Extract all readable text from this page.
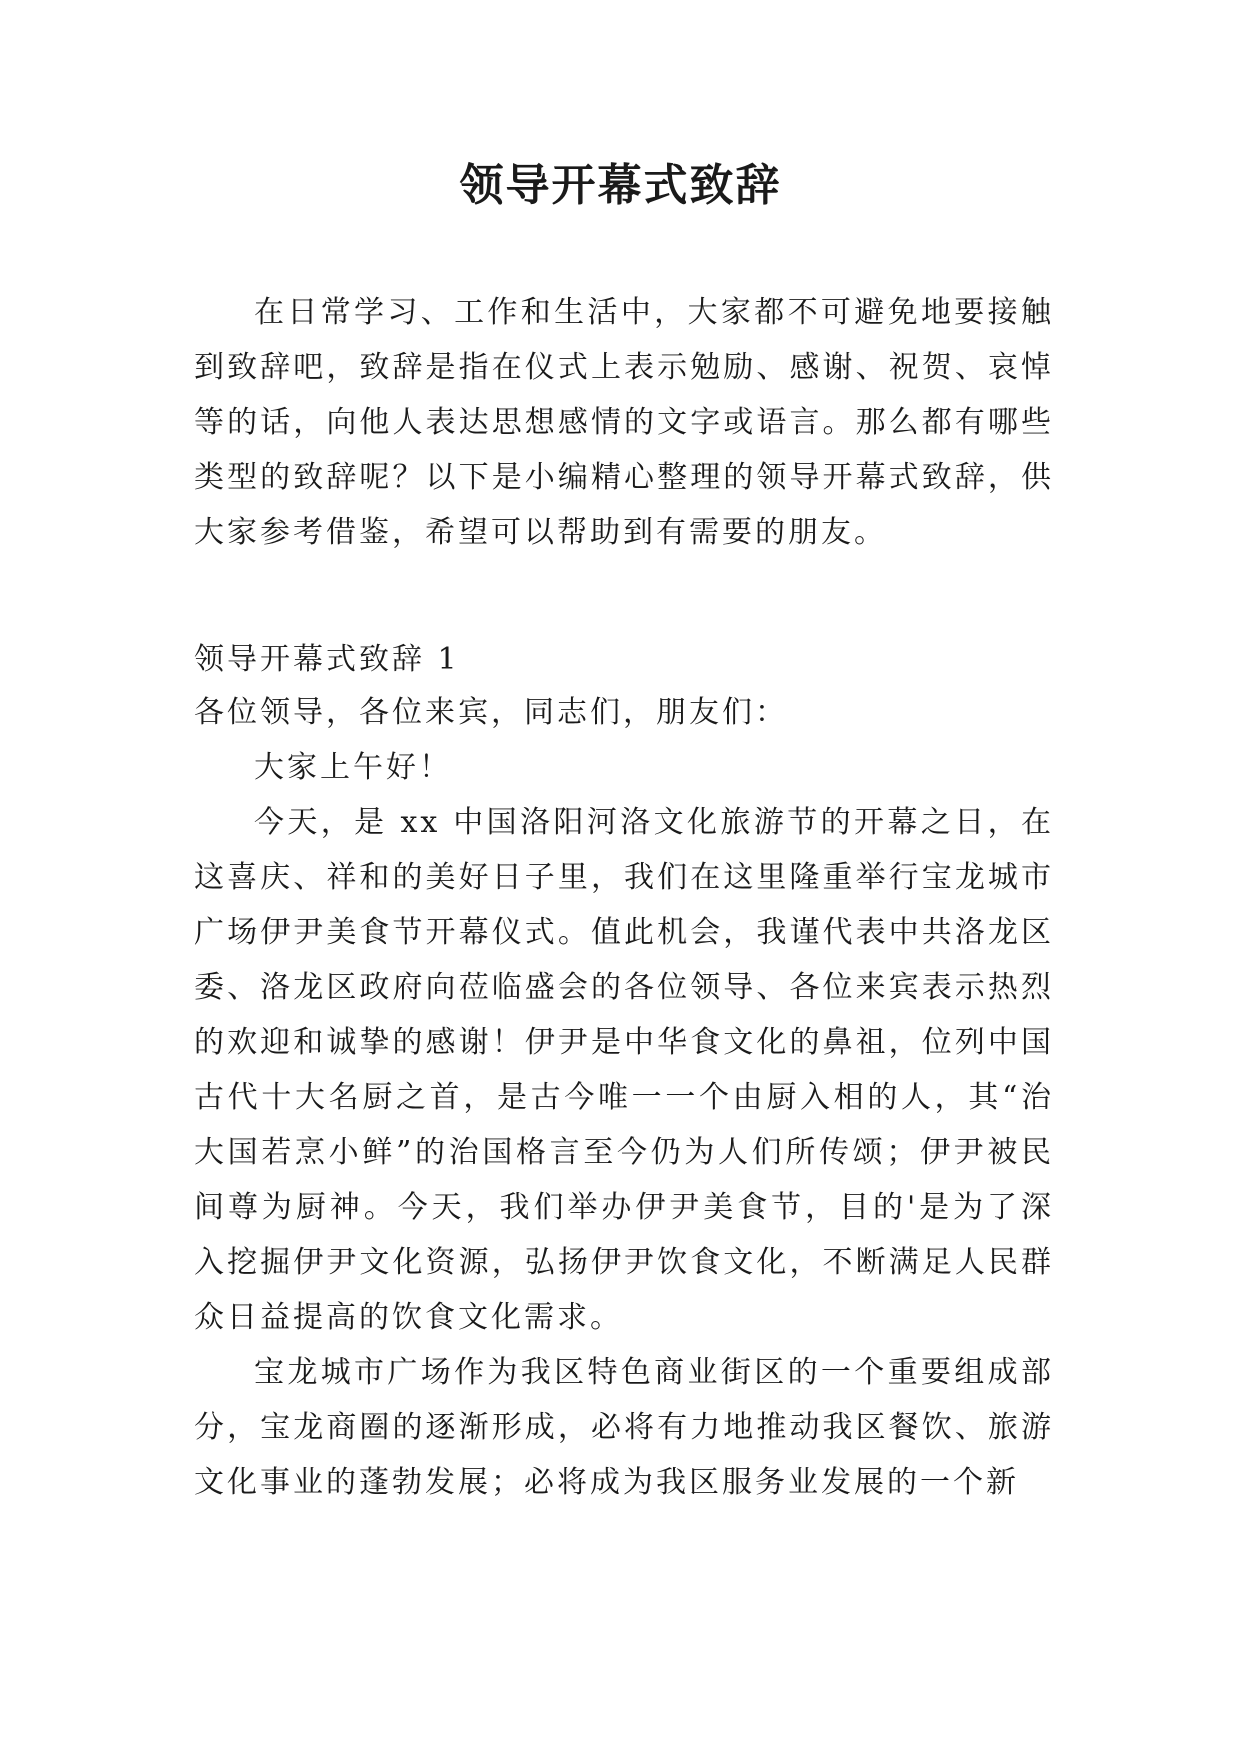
领导开幕式致辞

在日常学习、工作和生活中，大家都不可避免地要接触到致辞吧，致辞是指在仪式上表示勉励、感谢、祝贺、哀悼等的话，向他人表达思想感情的文字或语言。那么都有哪些类型的致辞呢？以下是小编精心整理的领导开幕式致辞，供大家参考借鉴，希望可以帮助到有需要的朋友。

领导开幕式致辞 1

各位领导，各位来宾，同志们，朋友们：

大家上午好！

今天，是 xx 中国洛阳河洛文化旅游节的开幕之日，在这喜庆、祥和的美好日子里，我们在这里隆重举行宝龙城市广场伊尹美食节开幕仪式。值此机会，我谨代表中共洛龙区委、洛龙区政府向莅临盛会的各位领导、各位来宾表示热烈的欢迎和诚挚的感谢！伊尹是中华食文化的鼻祖，位列中国古代十大名厨之首，是古今唯一一个由厨入相的人，其“治大国若烹小鲜”的治国格言至今仍为人们所传颂；伊尹被民间尊为厨神。今天，我们举办伊尹美食节，目的'是为了深入挖掘伊尹文化资源，弘扬伊尹饮食文化，不断满足人民群众日益提高的饮食文化需求。

宝龙城市广场作为我区特色商业街区的一个重要组成部分，宝龙商圈的逐渐形成，必将有力地推动我区餐饮、旅游文化事业的蓬勃发展；必将成为我区服务业发展的一个新
